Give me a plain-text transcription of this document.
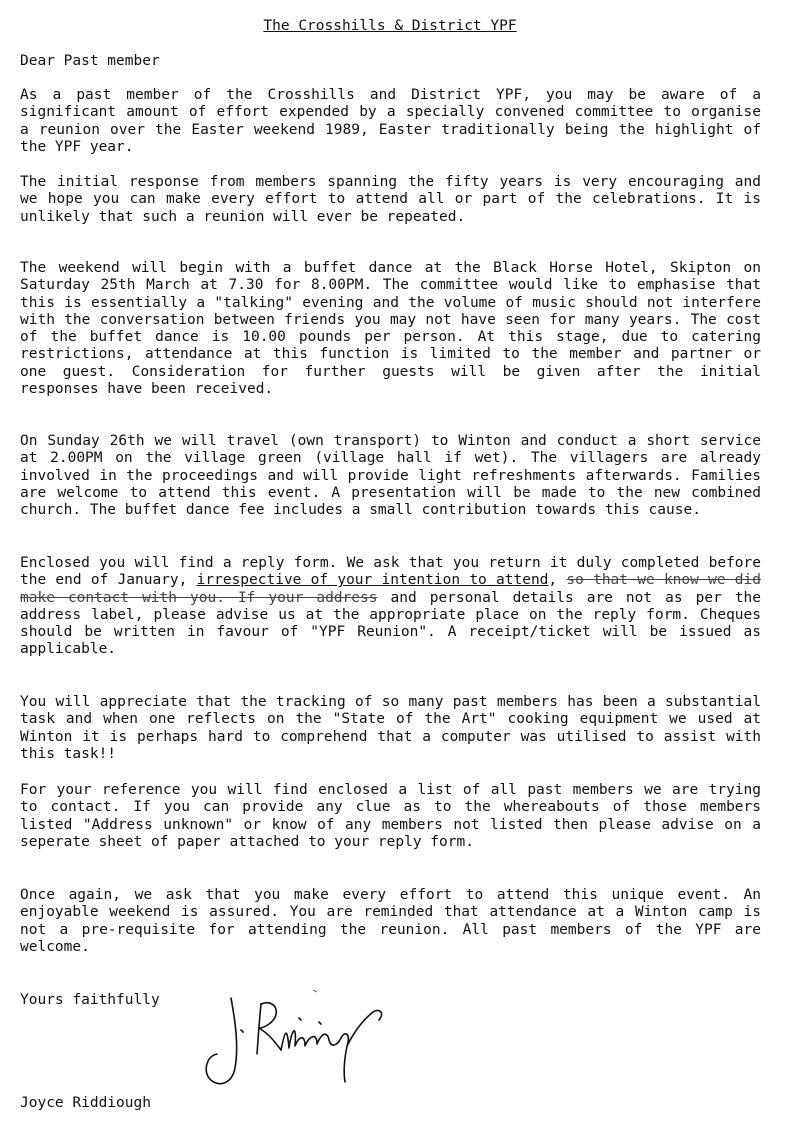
The Crosshills & District YPF
Dear Past member

As a past member of the Crosshills and District YPF, you may be aware of a significant amount of effort expended by a specially convened committee to organise a reunion over the Easter weekend 1989, Easter traditionally being the highlight of the YPF year.

The initial response from members spanning the fifty years is very encouraging and we hope you can make every effort to attend all or part of the celebrations. It is unlikely that such a reunion will ever be repeated.

The weekend will begin with a buffet dance at the Black Horse Hotel, Skipton on Saturday 25th March at 7.30 for 8.00PM. The committee would like to emphasise that this is essentially a "talking" evening and the volume of music should not interfere with the conversation between friends you may not have seen for many years. The cost of the buffet dance is 10.00 pounds per person. At this stage, due to catering restrictions, attendance at this function is limited to the member and partner or one guest. Consideration for further guests will be given after the initial responses have been received.

On Sunday 26th we will travel (own transport) to Winton and conduct a short service at 2.00PM on the village green (village hall if wet). The villagers are already involved in the proceedings and will provide light refreshments afterwards. Families are welcome to attend this event. A presentation will be made to the new combined church. The buffet dance fee includes a small contribution towards this cause.

Enclosed you will find a reply form. We ask that you return it duly completed before the end of January, irrespective of your intention to attend, so that we know we did make contact with you. If your address and personal details are not as per the address label, please advise us at the appropriate place on the reply form. Cheques should be written in favour of "YPF Reunion". A receipt/ticket will be issued as applicable.

You will appreciate that the tracking of so many past members has been a substantial task and when one reflects on the "State of the Art" cooking equipment we used at Winton it is perhaps hard to comprehend that a computer was utilised to assist with this task!!

For your reference you will find enclosed a list of all past members we are trying to contact. If you can provide any clue as to the whereabouts of those members listed "Address unknown" or know of any members not listed then please advise on a seperate sheet of paper attached to your reply form.

Once again, we ask that you make every effort to attend this unique event. An enjoyable weekend is assured. You are reminded that attendance at a Winton camp is not a pre-requisite for attending the reunion. All past members of the YPF are welcome.

Yours faithfully
Joyce Riddiough
